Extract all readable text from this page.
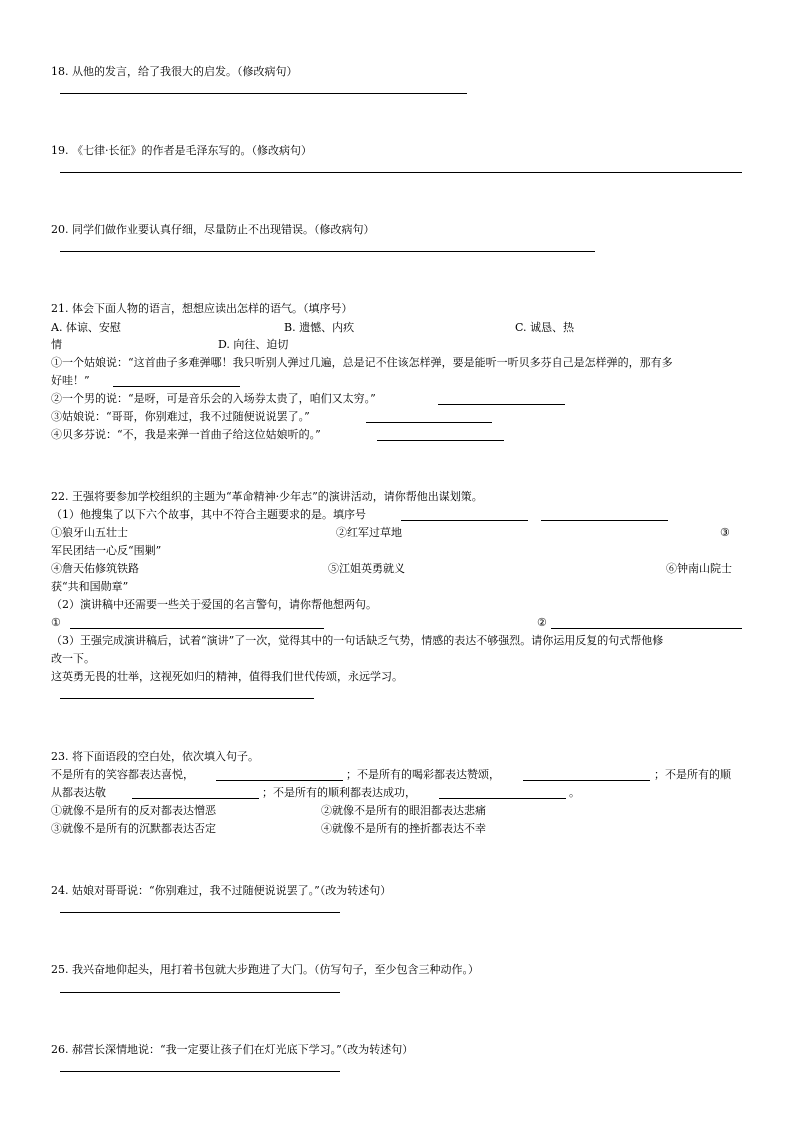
18. 从他的发言，给了我很大的启发。（修改病句）
19. 《七律·长征》的作者是毛泽东写的。（修改病句）
20. 同学们做作业要认真仔细，尽量防止不出现错误。（修改病句）
21. 体会下面人物的语言，想想应读出怎样的语气。（填序号）
A. 体谅、安慰	B. 遗憾、内疚	C. 诚恳、热
情	D. 向往、迫切
①一个姑娘说：“这首曲子多难弹哪！我只听别人弹过几遍，总是记不住该怎样弹，要是能听一听贝多芬自己是怎样弹的，那有多
好哇！”
②一个男的说：“是呀，可是音乐会的入场券太贵了，咱们又太穷。”
③姑娘说：“哥哥，你别难过，我不过随便说说罢了。”
④贝多芬说：“不，我是来弹一首曲子给这位姑娘听的。”
22. 王强将要参加学校组织的主题为“革命精神·少年志”的演讲活动，请你帮他出谋划策。
（1）他搜集了以下六个故事，其中不符合主题要求的是。填序号
①狼牙山五壮士	②红军过草地	③
军民团结一心反“围剿”
④詹天佑修筑铁路	⑤江姐英勇就义	⑥钟南山院士
获“共和国勋章”
（2）演讲稿中还需要一些关于爱国的名言警句，请你帮他想两句。
①	②
（3）王强完成演讲稿后，试着“演讲”了一次，觉得其中的一句话缺乏气势，情感的表达不够强烈。请你运用反复的句式帮他修
改一下。
这英勇无畏的壮举，这视死如归的精神，值得我们世代传颂，永远学习。
23. 将下面语段的空白处，依次填入句子。
不是所有的笑容都表达喜悦，	；不是所有的喝彩都表达赞颂，	；不是所有的顺
从都表达敬	；不是所有的顺利都表达成功，	。
①就像不是所有的反对都表达憎恶	②就像不是所有的眼泪都表达悲痛
③就像不是所有的沉默都表达否定	④就像不是所有的挫折都表达不幸
24. 姑娘对哥哥说：“你别难过，我不过随便说说罢了。”（改为转述句）
25. 我兴奋地仰起头，甩打着书包就大步跑进了大门。（仿写句子，至少包含三种动作。）
26. 郝营长深情地说：“我一定要让孩子们在灯光底下学习。”（改为转述句）
